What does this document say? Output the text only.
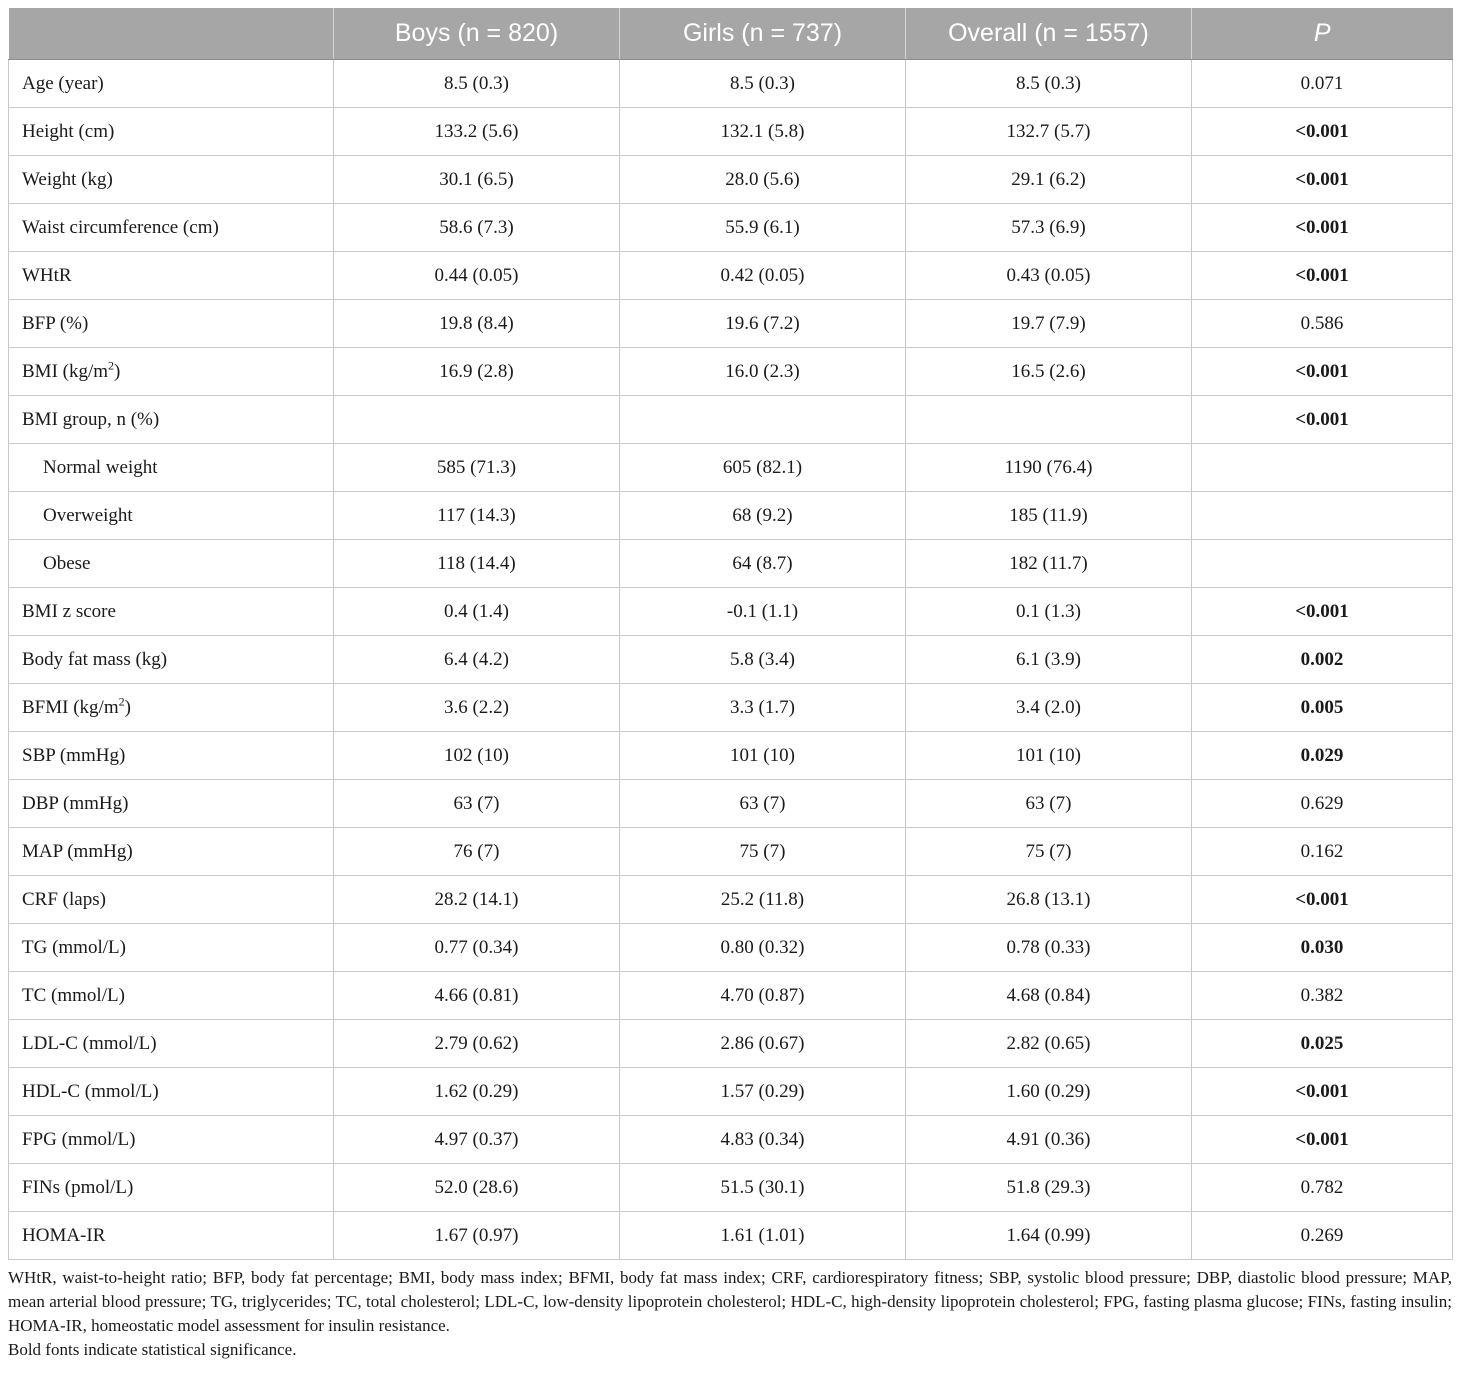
	Boys (n = 820)	Girls (n = 737)	Overall (n = 1557)	P
Age (year)	8.5 (0.3)	8.5 (0.3)	8.5 (0.3)	0.071
Height (cm)	133.2 (5.6)	132.1 (5.8)	132.7 (5.7)	<0.001
Weight (kg)	30.1 (6.5)	28.0 (5.6)	29.1 (6.2)	<0.001
Waist circumference (cm)	58.6 (7.3)	55.9 (6.1)	57.3 (6.9)	<0.001
WHtR	0.44 (0.05)	0.42 (0.05)	0.43 (0.05)	<0.001
BFP (%)	19.8 (8.4)	19.6 (7.2)	19.7 (7.9)	0.586
BMI $(kg/m^2)$	16.9 (2.8)	16.0 (2.3)	16.5 (2.6)	<0.001
BMI group, n (%)				<0.001
Normal weight	585 (71.3)	605 (82.1)	1190 (76.4)	
Overweight	117 (14.3)	68 (9.2)	185 (11.9)	
Obese	118 (14.4)	64 (8.7)	182 (11.7)	
BMI z score	0.4 (1.4)	-0.1 (1.1)	0.1 (1.3)	<0.001
Body fat mass (kg)	6.4 (4.2)	5.8 (3.4)	6.1 (3.9)	0.002
BFMI $(kg/m^2)$	3.6 (2.2)	3.3 (1.7)	3.4 (2.0)	0.005
SBP (mmHg)	102 (10)	101 (10)	101 (10)	0.029
DBP (mmHg)	63 (7)	63 (7)	63 (7)	0.629
MAP (mmHg)	76 (7)	75 (7)	75 (7)	0.162
CRF (laps)	28.2 (14.1)	25.2 (11.8)	26.8 (13.1)	<0.001
TG (mmol/L)	0.77 (0.34)	0.80 (0.32)	0.78 (0.33)	0.030
TC (mmol/L)	4.66 (0.81)	4.70 (0.87)	4.68 (0.84)	0.382
LDL-C (mmol/L)	2.79 (0.62)	2.86 (0.67)	2.82 (0.65)	0.025
HDL-C (mmol/L)	1.62 (0.29)	1.57 (0.29)	1.60 (0.29)	<0.001
FPG (mmol/L)	4.97 (0.37)	4.83 (0.34)	4.91 (0.36)	<0.001
FINs (pmol/L)	52.0 (28.6)	51.5 (30.1)	51.8 (29.3)	0.782
HOMA-IR	1.67 (0.97)	1.61 (1.01)	1.64 (0.99)	0.269

WHtR, waist-to-height ratio; BFP, body fat percentage; BMI, body mass index; BFMI, body fat mass index; CRF, cardiorespiratory fitness; SBP, systolic blood pressure; DBP, diastolic blood pressure; MAP, mean arterial blood pressure; TG, triglycerides; TC, total cholesterol; LDL-C, low-density lipoprotein cholesterol; HDL-C, high-density lipoprotein cholesterol; FPG, fasting plasma glucose; FINs, fasting insulin; HOMA-IR, homeostatic model assessment for insulin resistance.

Bold fonts indicate statistical significance.
